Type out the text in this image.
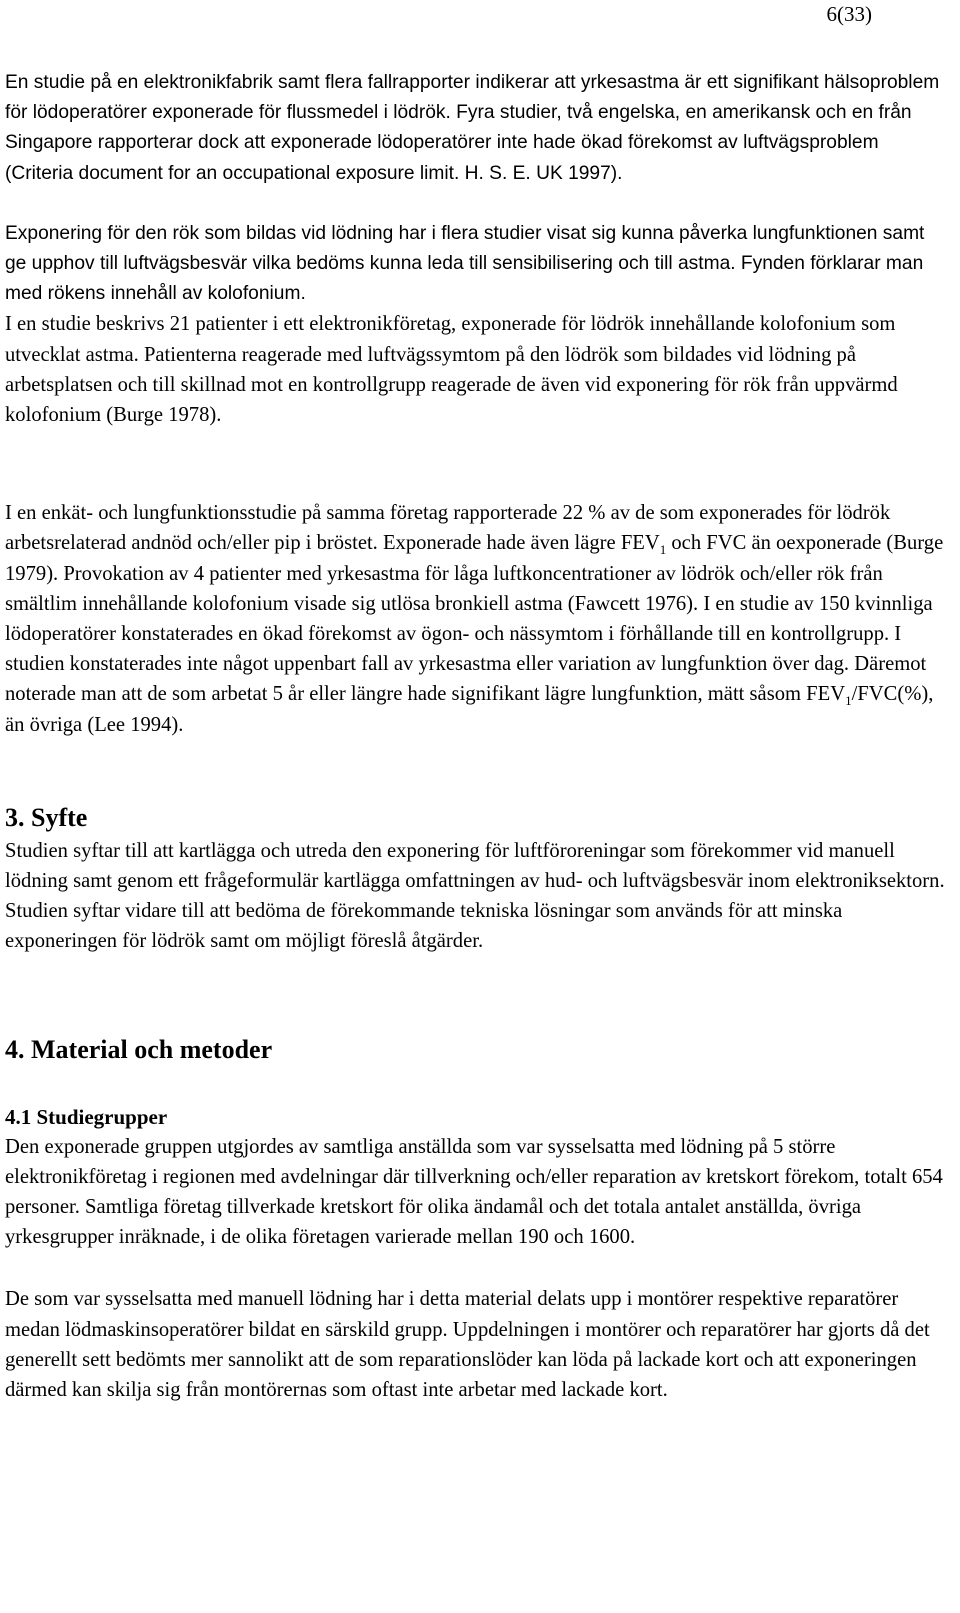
6(33)

En studie på en elektronikfabrik samt flera fallrapporter indikerar att yrkesastma är ett signifikant hälsoproblem för lödoperatörer exponerade för flussmedel i lödrök. Fyra studier, två engelska, en amerikansk och en från Singapore rapporterar dock att exponerade lödoperatörer inte hade ökad förekomst av luftvägsproblem (Criteria document for an occupational exposure limit. H. S. E. UK 1997).

Exponering för den rök som bildas vid lödning har i flera studier visat sig kunna påverka lungfunktionen samt ge upphov till luftvägsbesvär vilka bedöms kunna leda till sensibilisering och till astma. Fynden förklarar man med rökens innehåll av kolofonium.

I en studie beskrivs 21 patienter i ett elektronikföretag, exponerade för lödrök innehållande kolofonium som utvecklat astma. Patienterna reagerade med luftvägssymtom på den lödrök som bildades vid lödning på arbetsplatsen och till skillnad mot en kontrollgrupp reagerade de även vid exponering för rök från uppvärmd kolofonium (Burge 1978).

I en enkät- och lungfunktionsstudie på samma företag rapporterade 22 % av de som exponerades för lödrök arbetsrelaterad andnöd och/eller pip i bröstet. Exponerade hade även lägre $FEV_1$ och FVC än oexponerade (Burge 1979). Provokation av 4 patienter med yrkesastma för låga luftkoncentrationer av lödrök och/eller rök från smältlim innehållande kolofonium visade sig utlösa bronkiell astma (Fawcett 1976). I en studie av 150 kvinnliga lödoperatörer konstaterades en ökad förekomst av ögon- och nässymtom i förhållande till en kontrollgrupp. I studien konstaterades inte något uppenbart fall av yrkesastma eller variation av lungfunktion över dag. Däremot noterade man att de som arbetat 5 år eller längre hade signifikant lägre lungfunktion, mätt såsom $FEV_1/FVC(\%)$, än övriga (Lee 1994).

3. Syfte

Studien syftar till att kartlägga och utreda den exponering för luftföroreningar som förekommer vid manuell lödning samt genom ett frågeformulär kartlägga omfattningen av hud- och luftvägsbesvär inom elektroniksektorn. Studien syftar vidare till att bedöma de förekommande tekniska lösningar som används för att minska exponeringen för lödrök samt om möjligt föreslå åtgärder.

4. Material och metoder
4.1 Studiegrupper

Den exponerade gruppen utgjordes av samtliga anställda som var sysselsatta med lödning på 5 större elektronikföretag i regionen med avdelningar där tillverkning och/eller reparation av kretskort förekom, totalt 654 personer. Samtliga företag tillverkade kretskort för olika ändamål och det totala antalet anställda, övriga yrkesgrupper inräknade, i de olika företagen varierade mellan 190 och 1600.

De som var sysselsatta med manuell lödning har i detta material delats upp i montörer respektive reparatörer medan lödmaskinsoperatörer bildat en särskild grupp. Uppdelningen i montörer och reparatörer har gjorts då det generellt sett bedömts mer sannolikt att de som reparationslöder kan löda på lackade kort och att exponeringen därmed kan skilja sig från montörernas som oftast inte arbetar med lackade kort.
